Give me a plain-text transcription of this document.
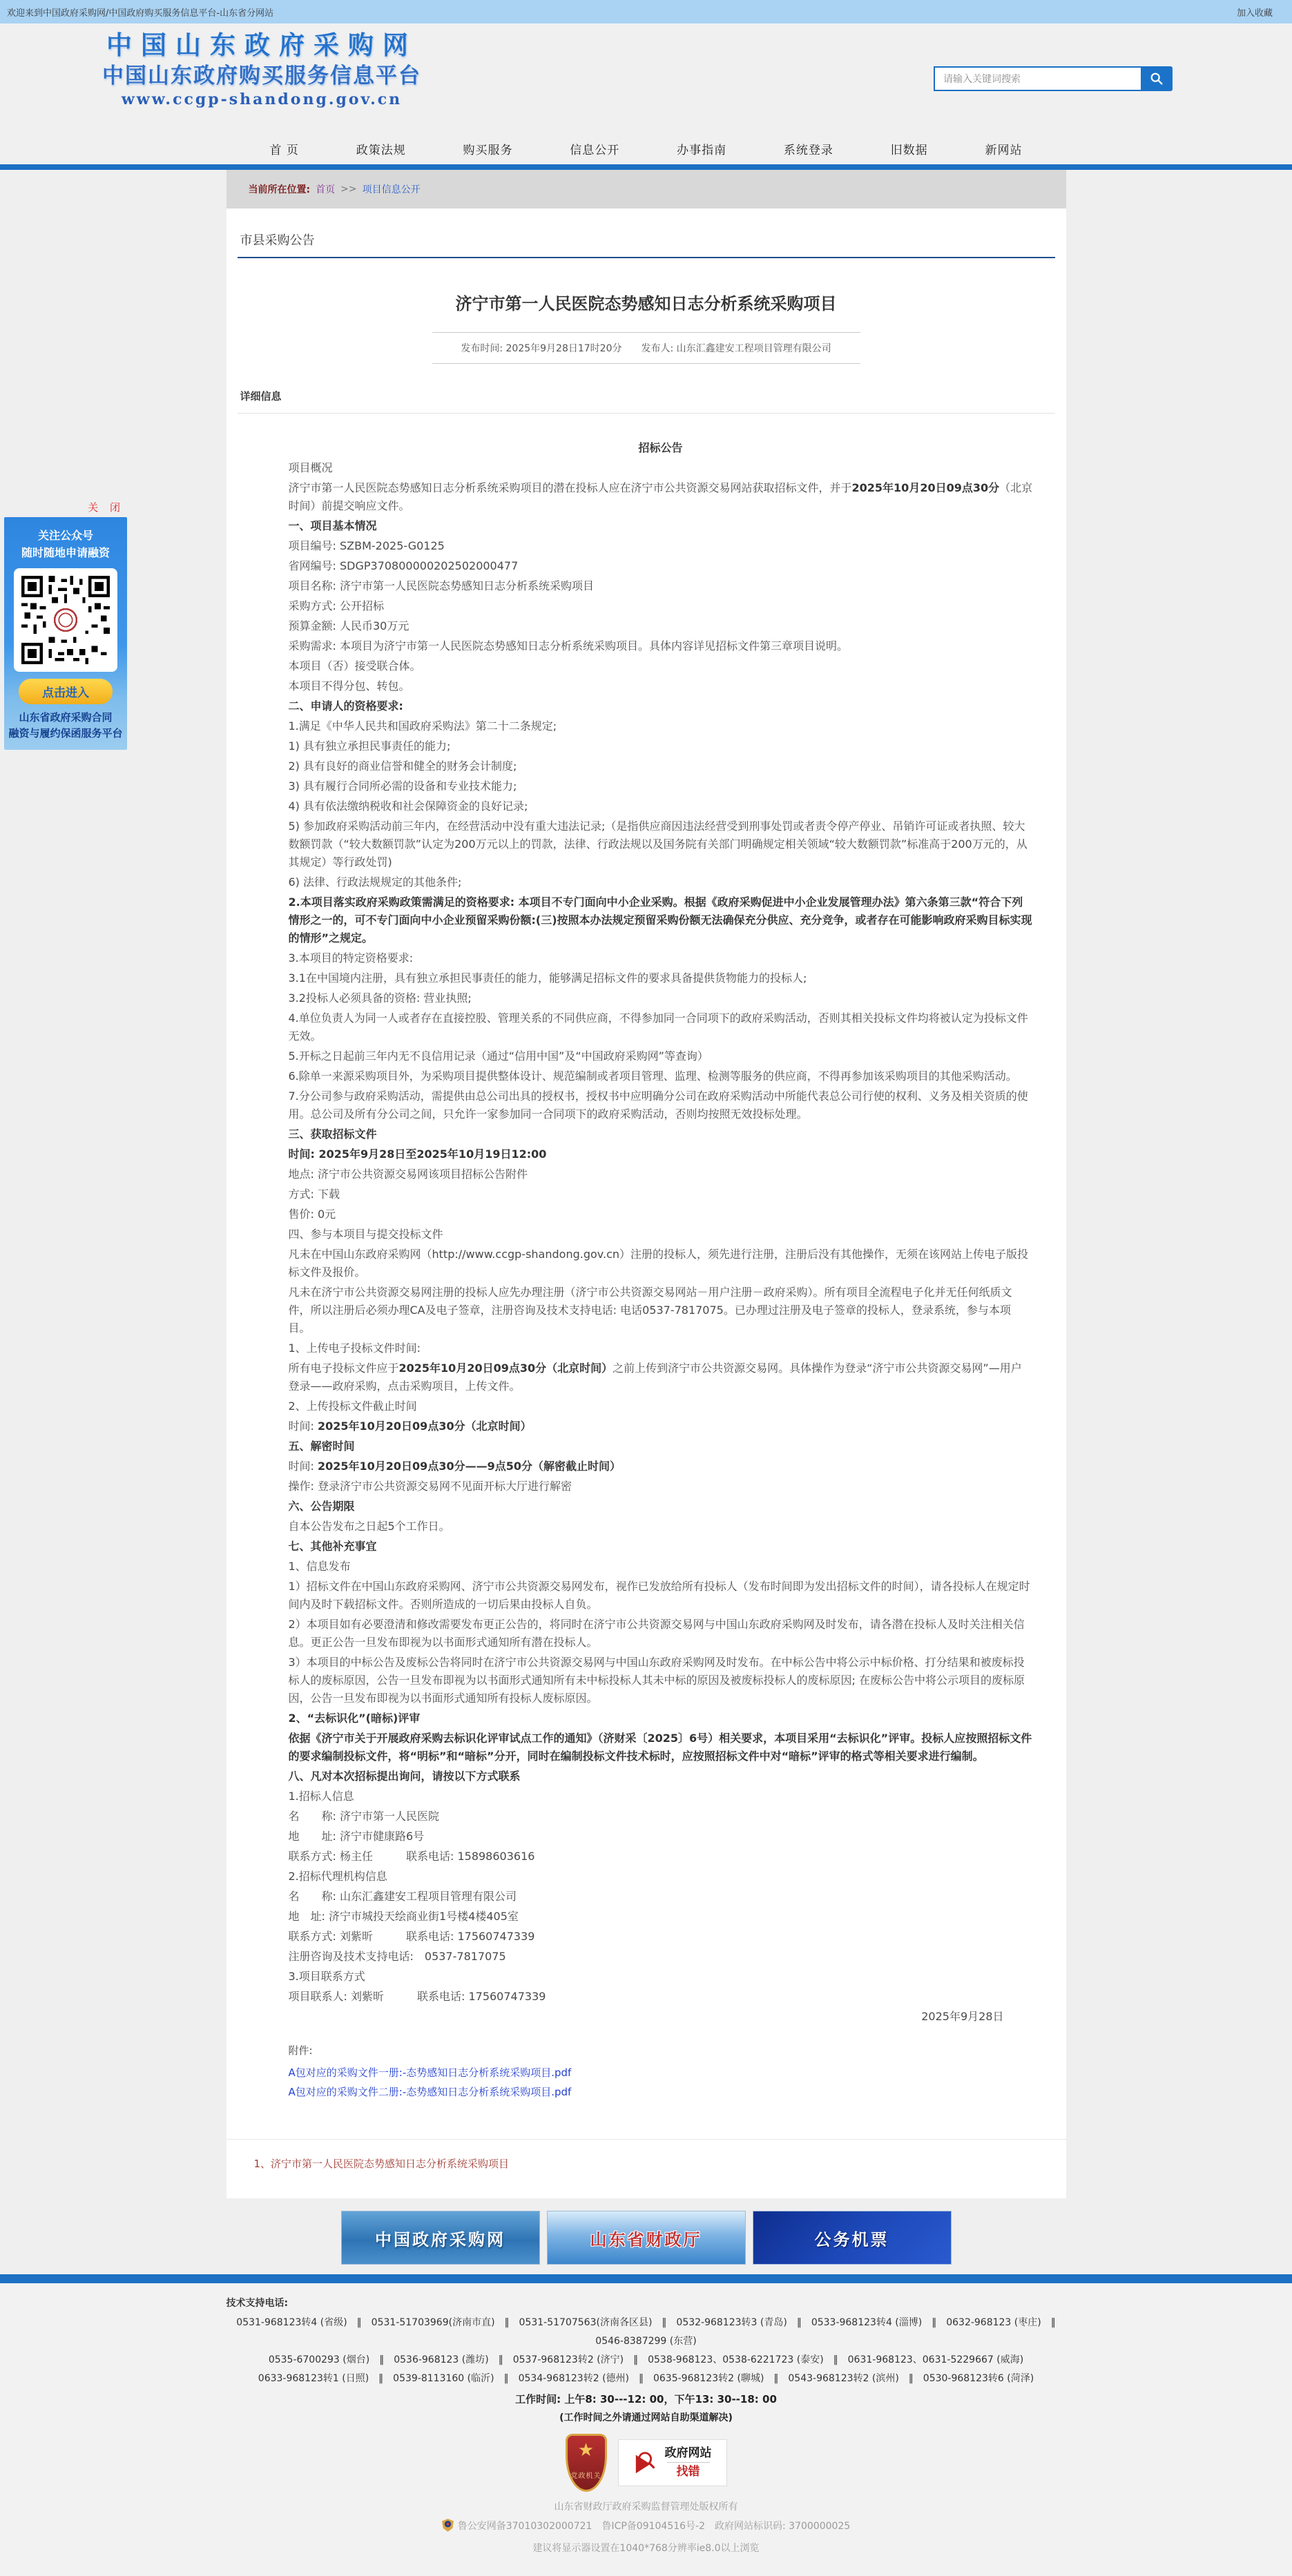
欢迎来到中国政府采购网/中国政府购买服务信息平台-山东省分网站	加入收藏
中国山东政府采购网
中国山东政府购买服务信息平台
www.ccgp-shandong.gov.cn
请输入关键词搜索
首 页	政策法规	购买服务	信息公开	办事指南	系统登录	旧数据	新网站
当前所在位置: 首页 >> 项目信息公开
市县采购公告
济宁市第一人民医院态势感知日志分析系统采购项目
发布时间: 2025年9月28日17时20分　　发布人: 山东汇鑫建安工程项目管理有限公司
详细信息

招标公告

项目概况

济宁市第一人民医院态势感知日志分析系统采购项目的潜在投标人应在济宁市公共资源交易网站获取招标文件，并于2025年10月20日09点30分（北京时间）前提交响应文件。

一、项目基本情况

项目编号: SZBM-2025-G0125

省网编号: SDGP370800000202502000477

项目名称: 济宁市第一人民医院态势感知日志分析系统采购项目

采购方式: 公开招标

预算金额: 人民币30万元

采购需求: 本项目为济宁市第一人民医院态势感知日志分析系统采购项目。具体内容详见招标文件第三章项目说明。

本项目（否）接受联合体。

本项目不得分包、转包。

二、申请人的资格要求:

1.满足《中华人民共和国政府采购法》第二十二条规定;

1) 具有独立承担民事责任的能力;

2) 具有良好的商业信誉和健全的财务会计制度;

3) 具有履行合同所必需的设备和专业技术能力;

4) 具有依法缴纳税收和社会保障资金的良好记录;

5) 参加政府采购活动前三年内，在经营活动中没有重大违法记录;（是指供应商因违法经营受到刑事处罚或者责令停产停业、吊销许可证或者执照、较大数额罚款（“较大数额罚款”认定为200万元以上的罚款，法律、行政法规以及国务院有关部门明确规定相关领域“较大数额罚款”标准高于200万元的，从其规定）等行政处罚)

6) 法律、行政法规规定的其他条件;

2.本项目落实政府采购政策需满足的资格要求: 本项目不专门面向中小企业采购。根据《政府采购促进中小企业发展管理办法》第六条第三款“符合下列情形之一的，可不专门面向中小企业预留采购份额:(三)按照本办法规定预留采购份额无法确保充分供应、充分竞争，或者存在可能影响政府采购目标实现的情形”之规定。

3.本项目的特定资格要求:

3.1在中国境内注册，具有独立承担民事责任的能力，能够满足招标文件的要求具备提供货物能力的投标人;

3.2投标人必须具备的资格: 营业执照;

4.单位负责人为同一人或者存在直接控股、管理关系的不同供应商，不得参加同一合同项下的政府采购活动，否则其相关投标文件均将被认定为投标文件无效。

5.开标之日起前三年内无不良信用记录（通过“信用中国”及“中国政府采购网”等查询）

6.除单一来源采购项目外，为采购项目提供整体设计、规范编制或者项目管理、监理、检测等服务的供应商，不得再参加该采购项目的其他采购活动。

7.分公司参与政府采购活动，需提供由总公司出具的授权书，授权书中应明确分公司在政府采购活动中所能代表总公司行使的权利、义务及相关资质的使用。总公司及所有分公司之间，只允许一家参加同一合同项下的政府采购活动，否则均按照无效投标处理。

三、获取招标文件

时间: 2025年9月28日至2025年10月19日12:00

地点: 济宁市公共资源交易网该项目招标公告附件

方式: 下载

售价: 0元

四、参与本项目与提交投标文件

凡未在中国山东政府采购网（http://www.ccgp-shandong.gov.cn）注册的投标人，须先进行注册，注册后没有其他操作，无须在该网站上传电子版投标文件及报价。

凡未在济宁市公共资源交易网注册的投标人应先办理注册（济宁市公共资源交易网站－用户注册－政府采购）。所有项目全流程电子化并无任何纸质文件，所以注册后必须办理CA及电子签章，注册咨询及技术支持电话: 电话0537-7817075。已办理过注册及电子签章的投标人，登录系统，参与本项目。

1、上传电子投标文件时间:

所有电子投标文件应于2025年10月20日09点30分（北京时间）之前上传到济宁市公共资源交易网。具体操作为登录“济宁市公共资源交易网”—用户登录——政府采购，点击采购项目，上传文件。

2、上传投标文件截止时间

时间: 2025年10月20日09点30分（北京时间）

五、解密时间

时间: 2025年10月20日09点30分——9点50分（解密截止时间）

操作: 登录济宁市公共资源交易网不见面开标大厅进行解密

六、公告期限

自本公告发布之日起5个工作日。

七、其他补充事宜

1、信息发布

1）招标文件在中国山东政府采购网、济宁市公共资源交易网发布，视作已发放给所有投标人（发布时间即为发出招标文件的时间），请各投标人在规定时间内及时下载招标文件。否则所造成的一切后果由投标人自负。

2）本项目如有必要澄清和修改需要发布更正公告的，将同时在济宁市公共资源交易网与中国山东政府采购网及时发布，请各潜在投标人及时关注相关信息。更正公告一旦发布即视为以书面形式通知所有潜在投标人。

3）本项目的中标公告及废标公告将同时在济宁市公共资源交易网与中国山东政府采购网及时发布。在中标公告中将公示中标价格、打分结果和被废标投标人的废标原因，公告一旦发布即视为以书面形式通知所有未中标投标人其未中标的原因及被废标投标人的废标原因; 在废标公告中将公示项目的废标原因，公告一旦发布即视为以书面形式通知所有投标人废标原因。

2、“去标识化”(暗标)评审

依据《济宁市关于开展政府采购去标识化评审试点工作的通知》（济财采〔2025〕6号）相关要求，本项目采用“去标识化”评审。投标人应按照招标文件的要求编制投标文件，将“明标”和“暗标”分开，同时在编制投标文件技术标时，应按照招标文件中对“暗标”评审的格式等相关要求进行编制。

八、凡对本次招标提出询问，请按以下方式联系

1.招标人信息

名　　称: 济宁市第一人民医院

地　　址: 济宁市健康路6号

联系方式: 杨主任　　　联系电话: 15898603616

2.招标代理机构信息

名　　称: 山东汇鑫建安工程项目管理有限公司

地　址: 济宁市城投天绘商业街1号楼4楼405室

联系方式: 刘紫昕　　　联系电话: 17560747339

注册咨询及技术支持电话:　0537-7817075

3.项目联系方式

项目联系人: 刘紫昕　　　联系电话: 17560747339

2025年9月28日

附件:
A包对应的采购文件一册:-态势感知日志分析系统采购项目.pdf
A包对应的采购文件二册:-态势感知日志分析系统采购项目.pdf
1、济宁市第一人民医院态势感知日志分析系统采购项目
中国政府采购网	山东省财政厅	公务机票
技术支持电话:
0531-968123转4 (省级)　‖　0531-51703969(济南市直)　‖　0531-51707563(济南各区县)　‖　0532-968123转3 (青岛)　‖　0533-968123转4 (淄博)　‖　0632-968123 (枣庄)　‖
0546-8387299 (东营)
0535-6700293 (烟台)　‖　0536-968123 (潍坊)　‖　0537-968123转2 (济宁)　‖　0538-968123、0538-6221723 (泰安)　‖　0631-968123、0631-5229667 (威海)
0633-968123转1 (日照)　‖　0539-8113160 (临沂)　‖　0534-968123转2 (德州)　‖　0635-968123转2 (聊城)　‖　0543-968123转2 (滨州)　‖　0530-968123转6 (菏泽)
工作时间: 上午8: 30---12: 00，下午13: 30--18: 00
(工作时间之外请通过网站自助渠道解决)
★
党政机关
政府网站
找错
山东省财政厅政府采购监督管理处版权所有
鲁公安网备37010302000721　鲁ICP备09104516号-2　政府网站标识码: 3700000025
建议将显示器设置在1040*768分辨率ie8.0以上浏览
关 闭
关注公众号
随时随地申请融资
点击进入
山东省政府采购合同
融资与履约保函服务平台
